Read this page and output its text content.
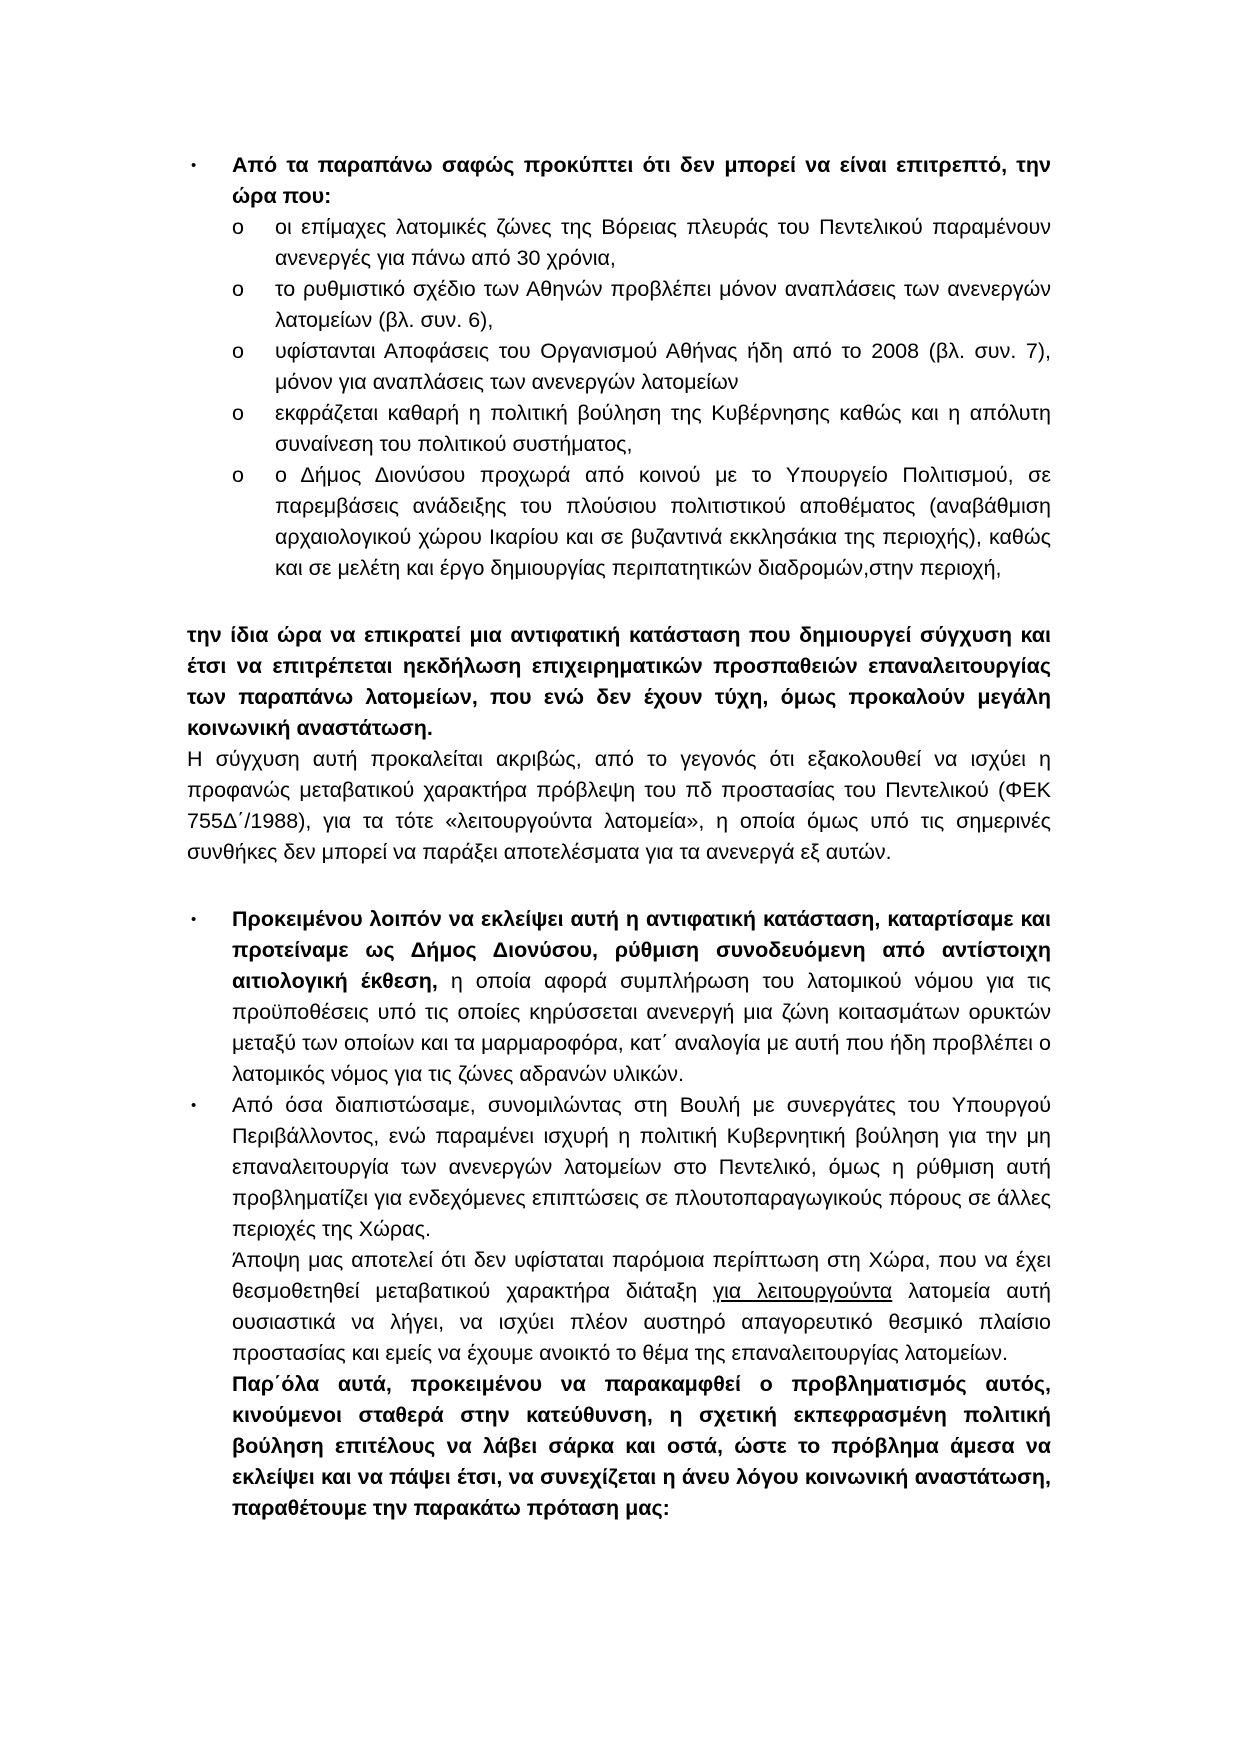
• Από τα παραπάνω σαφώς προκύπτει ότι δεν μπορεί να είναι επιτρεπτό, την ώρα που:

o οι επίμαχες λατομικές ζώνες της Βόρειας πλευράς του Πεντελικού παραμένουν ανενεργές για πάνω από 30 χρόνια,

o το ρυθμιστικό σχέδιο των Αθηνών προβλέπει μόνον αναπλάσεις των ανενεργών λατομείων (βλ. συν. 6),

o υφίστανται Αποφάσεις του Οργανισμού Αθήνας ήδη από το 2008 (βλ. συν. 7), μόνον για αναπλάσεις των ανενεργών λατομείων

o εκφράζεται καθαρή η πολιτική βούληση της Κυβέρνησης καθώς και η απόλυτη συναίνεση του πολιτικού συστήματος,

o ο Δήμος Διονύσου προχωρά από κοινού με το Υπουργείο Πολιτισμού, σε παρεμβάσεις ανάδειξης του πλούσιου πολιτιστικού αποθέματος (αναβάθμιση αρχαιολογικού χώρου Ικαρίου και σε βυζαντινά εκκλησάκια της περιοχής), καθώς και σε μελέτη και έργο δημιουργίας περιπατητικών διαδρομών,στην περιοχή,

την ίδια ώρα να επικρατεί μια αντιφατική κατάσταση που δημιουργεί σύγχυση και έτσι να επιτρέπεται ηεκδήλωση επιχειρηματικών προσπαθειών επαναλειτουργίας των παραπάνω λατομείων, που ενώ δεν έχουν τύχη, όμως προκαλούν μεγάλη κοινωνική αναστάτωση.

Η σύγχυση αυτή προκαλείται ακριβώς, από το γεγονός ότι εξακολουθεί να ισχύει η προφανώς μεταβατικού χαρακτήρα πρόβλεψη του πδ προστασίας του Πεντελικού (ΦΕΚ 755Δ΄/1988), για τα τότε «λειτουργούντα λατομεία», η οποία όμως υπό τις σημερινές συνθήκες δεν μπορεί να παράξει αποτελέσματα για τα ανενεργά εξ αυτών.

• Προκειμένου λοιπόν να εκλείψει αυτή η αντιφατική κατάσταση, καταρτίσαμε και προτείναμε ως Δήμος Διονύσου, ρύθμιση συνοδευόμενη από αντίστοιχη αιτιολογική έκθεση, η οποία αφορά συμπλήρωση του λατομικού νόμου για τις προϋποθέσεις υπό τις οποίες κηρύσσεται ανενεργή μια ζώνη κοιτασμάτων ορυκτών μεταξύ των οποίων και τα μαρμαροφόρα, κατ΄ αναλογία με αυτή που ήδη προβλέπει ο λατομικός νόμος για τις ζώνες αδρανών υλικών.

• Από όσα διαπιστώσαμε, συνομιλώντας στη Βουλή με συνεργάτες του Υπουργού Περιβάλλοντος, ενώ παραμένει ισχυρή η πολιτική Κυβερνητική βούληση για την μη επαναλειτουργία των ανενεργών λατομείων στο Πεντελικό, όμως η ρύθμιση αυτή προβληματίζει για ενδεχόμενες επιπτώσεις σε πλουτοπαραγωγικούς πόρους σε άλλες περιοχές της Χώρας.

Άποψη μας αποτελεί ότι δεν υφίσταται παρόμοια περίπτωση στη Χώρα, που να έχει θεσμοθετηθεί μεταβατικού χαρακτήρα διάταξη για λειτουργούντα λατομεία αυτή ουσιαστικά να λήγει, να ισχύει πλέον αυστηρό απαγορευτικό θεσμικό πλαίσιο προστασίας και εμείς να έχουμε ανοικτό το θέμα της επαναλειτουργίας λατομείων.

Παρ΄όλα αυτά, προκειμένου να παρακαμφθεί ο προβληματισμός αυτός, κινούμενοι σταθερά στην κατεύθυνση, η σχετική εκπεφρασμένη πολιτική βούληση επιτέλους να λάβει σάρκα και οστά, ώστε το πρόβλημα άμεσα να εκλείψει και να πάψει έτσι, να συνεχίζεται η άνευ λόγου κοινωνική αναστάτωση, παραθέτουμε την παρακάτω πρόταση μας:
